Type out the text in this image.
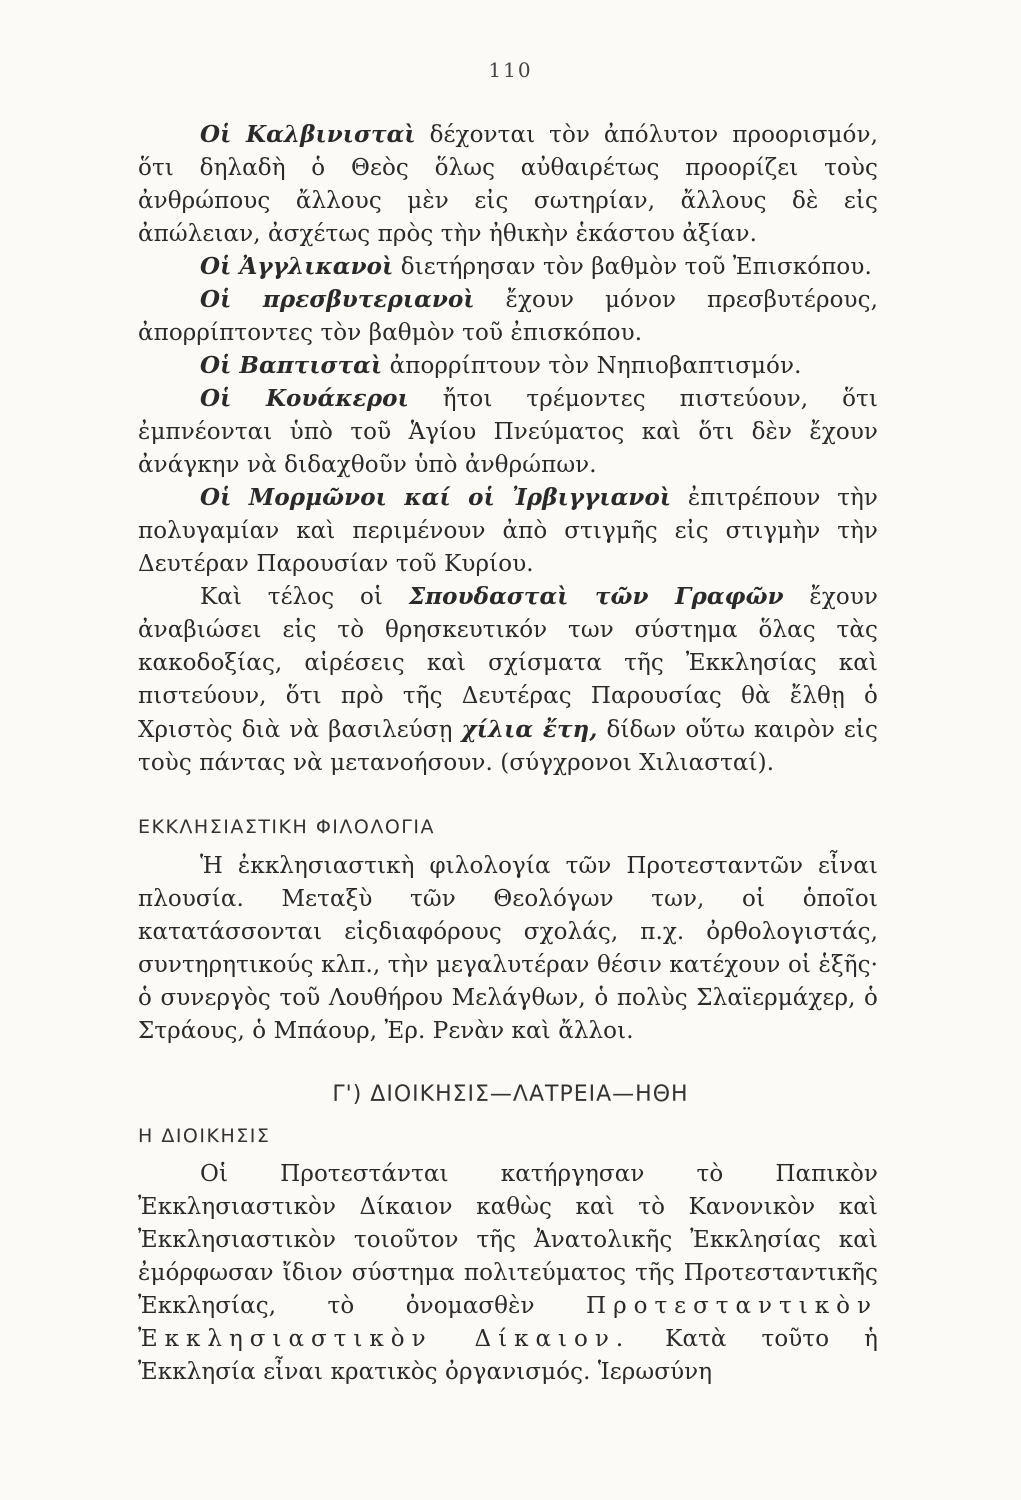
110

Οἱ Καλβινισταὶ δέχονται τὸν ἀπόλυτον προορισμόν, ὅτι δηλαδὴ ὁ Θεὸς ὅλως αὐθαιρέτως προορίζει τοὺς ἀνθρώπους ἄλλους μὲν εἰς σωτηρίαν, ἄλλους δὲ εἰς ἀπώλειαν, ἀσχέτως πρὸς τὴν ἠθικὴν ἑκάστου ἀξίαν.

Οἱ Ἀγγλικανοὶ διετήρησαν τὸν βαθμὸν τοῦ Ἐπισκόπου.

Οἱ πρεσβυτεριανοὶ ἔχουν μόνον πρεσβυτέρους, ἀπορρίπτοντες τὸν βαθμὸν τοῦ ἐπισκόπου.

Οἱ Βαπτισταὶ ἀπορρίπτουν τὸν Νηπιοβαπτισμόν.

Οἱ Κουάκεροι ἤτοι τρέμοντες πιστεύουν, ὅτι ἐμπνέονται ὑπὸ τοῦ Ἁγίου Πνεύματος καὶ ὅτι δὲν ἔχουν ἀνάγκην νὰ διδαχθοῦν ὑπὸ ἀνθρώπων.

Οἱ Μορμῶνοι καί οἱ Ἰρβιγγιανοὶ ἐπιτρέπουν τὴν πολυγαμίαν καὶ περιμένουν ἀπὸ στιγμῆς εἰς στιγμὴν τὴν Δευτέραν Παρουσίαν τοῦ Κυρίου.

Καὶ τέλος οἱ Σπουδασταὶ τῶν Γραφῶν ἔχουν ἀναβιώσει εἰς τὸ θρησκευτικόν των σύστημα ὅλας τὰς κακοδοξίας, αἱρέσεις καὶ σχίσματα τῆς Ἐκκλησίας καὶ πιστεύουν, ὅτι πρὸ τῆς Δευτέρας Παρουσίας θὰ ἔλθῃ ὁ Χριστὸς διὰ νὰ βασιλεύσῃ χίλια ἔτη, δίδων οὕτω καιρὸν εἰς τοὺς πάντας νὰ μετανοήσουν. (σύγχρονοι Χιλιασταί).

ΕΚΚΛΗΣΙΑΣΤΙΚΗ ΦΙΛΟΛΟΓΙΑ

Ἡ ἐκκλησιαστικὴ φιλολογία τῶν Προτεσταντῶν εἶναι πλουσία. Μεταξὺ τῶν Θεολόγων των, οἱ ὁποῖοι κατατάσσονται εἰςδιαφόρους σχολάς, π.χ. ὀρθολογιστάς, συντηρητικούς κλπ., τὴν μεγαλυτέραν θέσιν κατέχουν οἱ ἑξῆς· ὁ συνεργὸς τοῦ Λουθήρου Μελάγθων, ὁ πολὺς Σλαϊερμάχερ, ὁ Στράους, ὁ Μπάουρ, Ἐρ. Ρενὰν καὶ ἄλλοι.

Γ') ΔΙΟΙΚΗΣΙΣ—ΛΑΤΡΕΙΑ—ΗΘΗ
Η ΔΙΟΙΚΗΣΙΣ

Οἱ Προτεστάνται κατήργησαν τὸ Παπικὸν Ἐκκλησιαστικὸν Δίκαιον καθὼς καὶ τὸ Κανονικὸν καὶ Ἐκκλησιαστικὸν τοιοῦτον τῆς Ἀνατολικῆς Ἐκκλησίας καὶ ἐμόρφωσαν ἴδιον σύστημα πολιτεύματος τῆς Προτεσταντικῆς Ἐκκλησίας, τὸ ὀνομασθὲν Προτεσταντικὸν Ἐκκλησιαστικὸν Δίκαιον. Κατὰ τοῦτο ἡ Ἐκκλησία εἶναι κρατικὸς ὀργανισμός. Ἱερωσύνη
